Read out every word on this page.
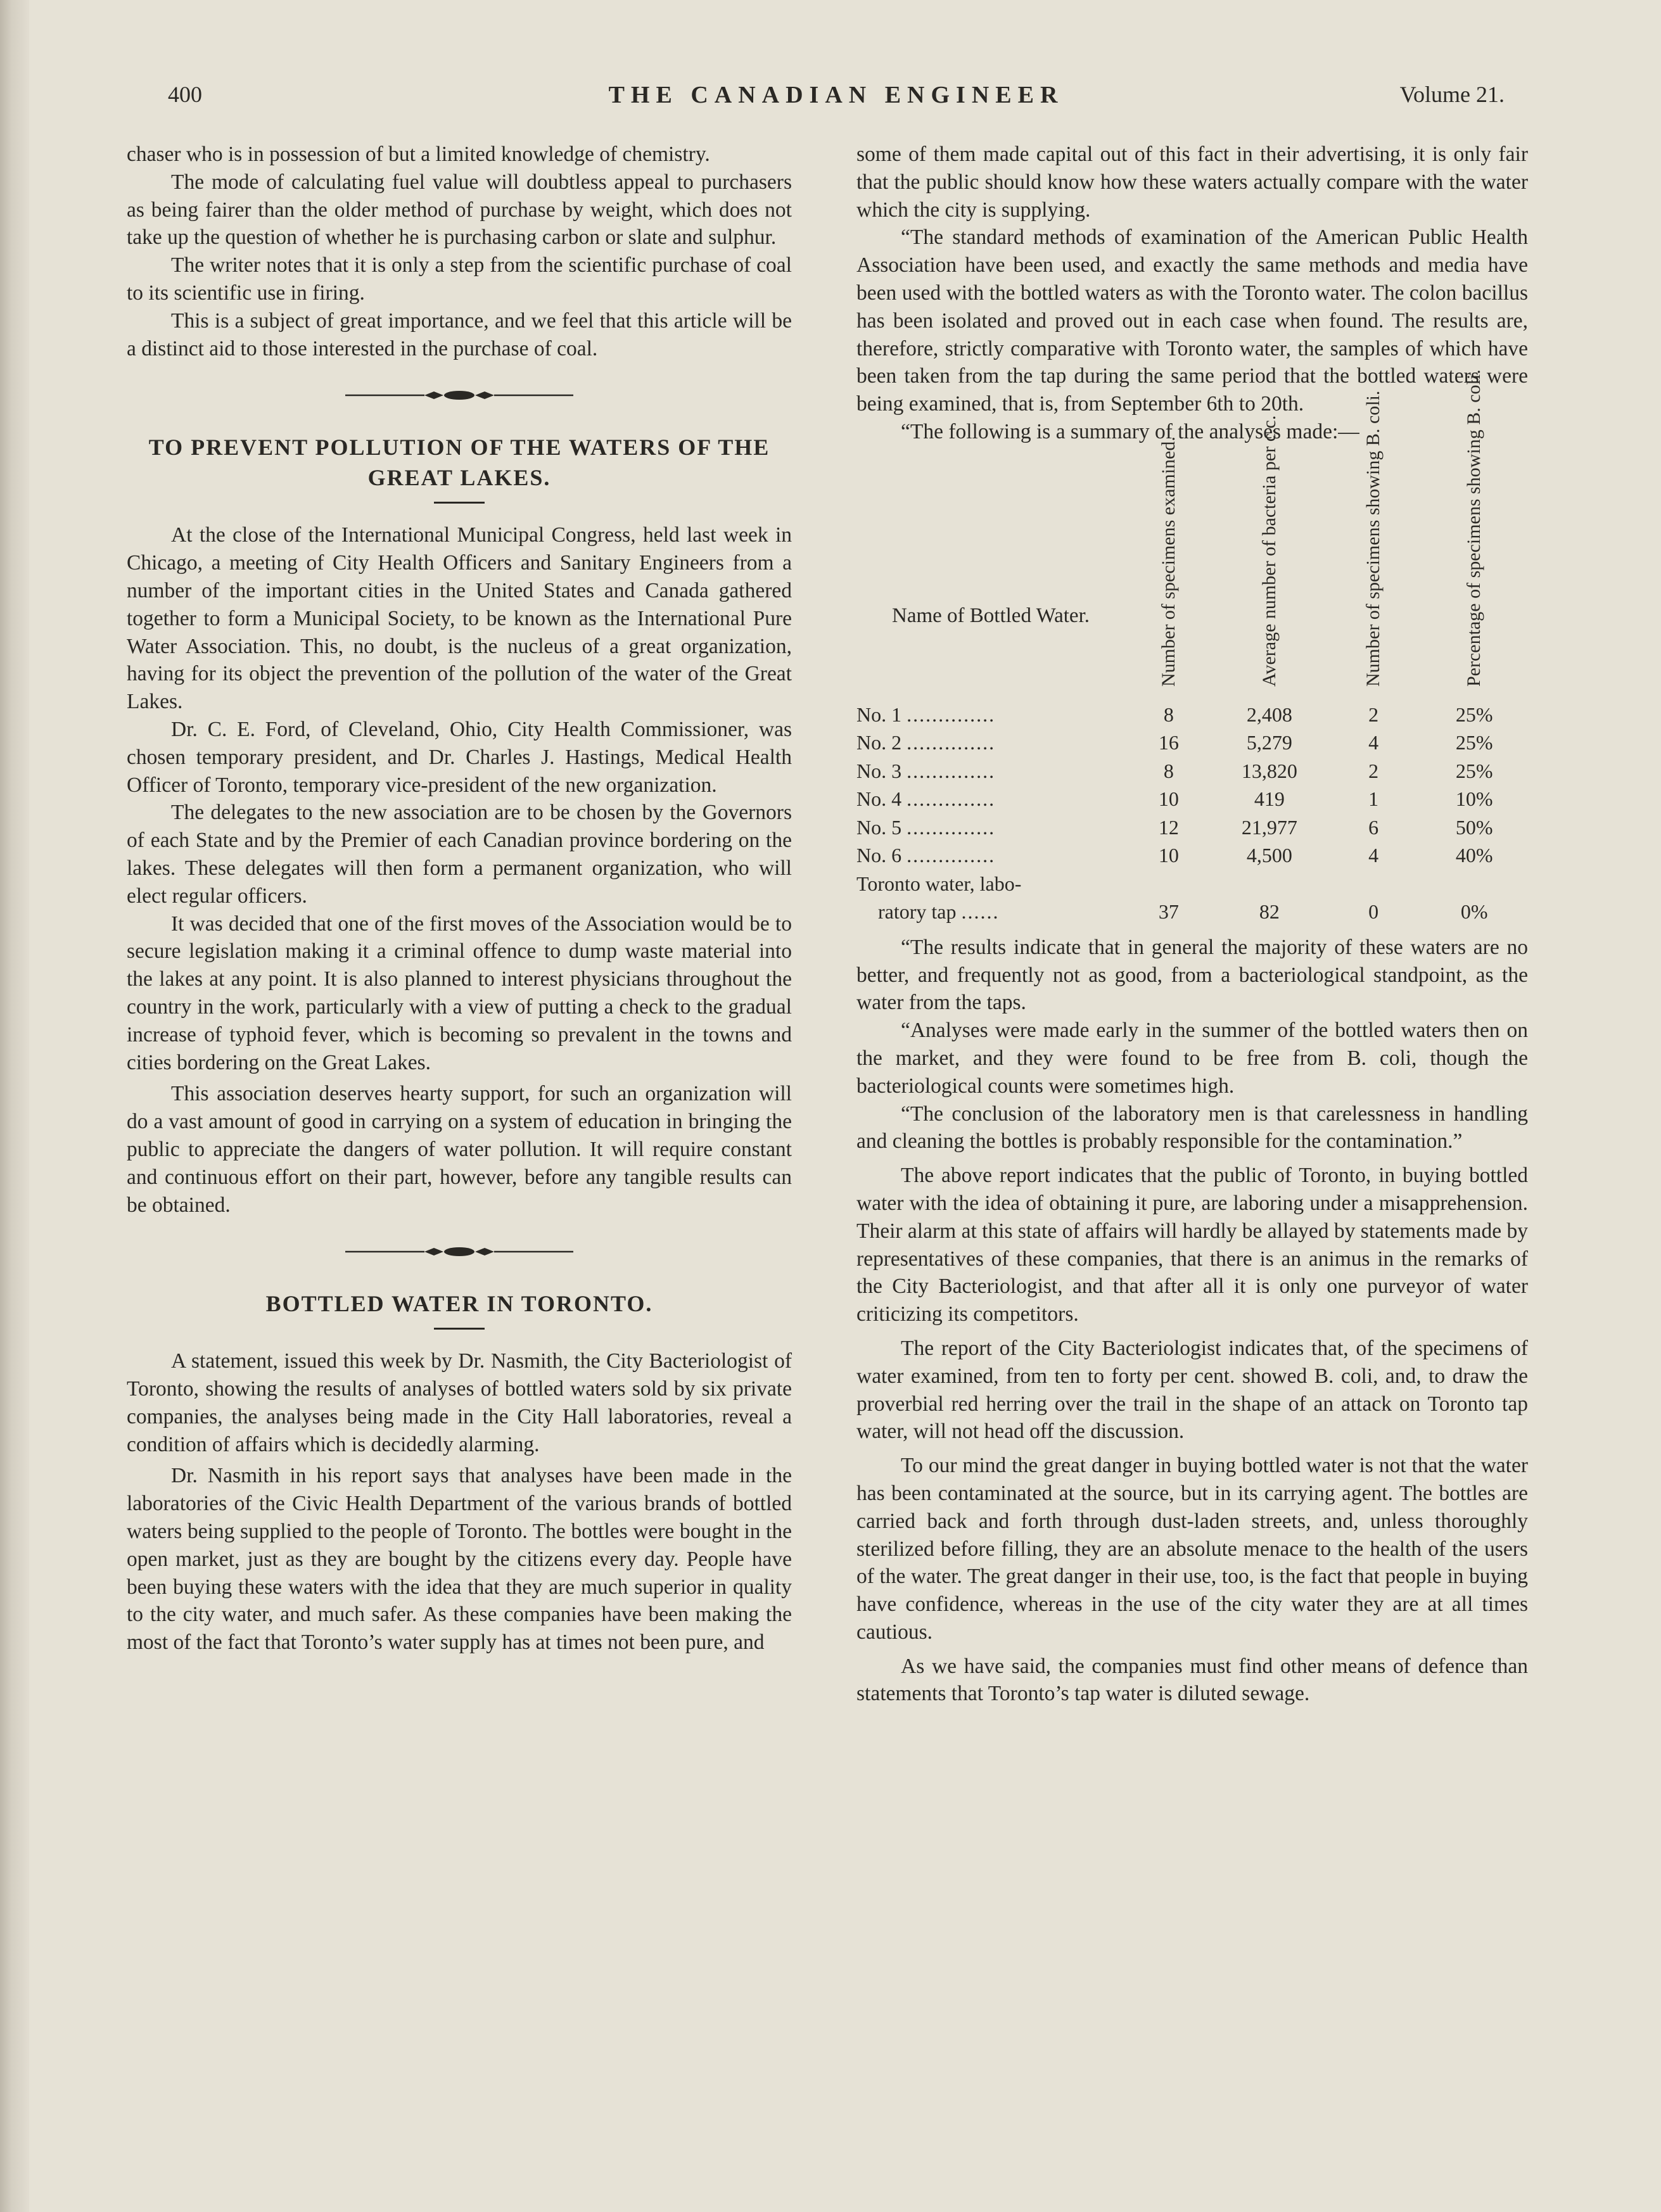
400	THE CANADIAN ENGINEER	Volume 21.

chaser who is in possession of but a limited knowledge of chemistry.

The mode of calculating fuel value will doubtless appeal to purchasers as being fairer than the older method of purchase by weight, which does not take up the question of whether he is purchasing carbon or slate and sulphur.

The writer notes that it is only a step from the scientific purchase of coal to its scientific use in firing.

This is a subject of great importance, and we feel that this article will be a distinct aid to those interested in the purchase of coal.

TO PREVENT POLLUTION OF THE WATERS OF THE GREAT LAKES.

At the close of the International Municipal Congress, held last week in Chicago, a meeting of City Health Officers and Sanitary Engineers from a number of the important cities in the United States and Canada gathered together to form a Municipal Society, to be known as the International Pure Water Association. This, no doubt, is the nucleus of a great organization, having for its object the prevention of the pollution of the water of the Great Lakes.

Dr. C. E. Ford, of Cleveland, Ohio, City Health Commissioner, was chosen temporary president, and Dr. Charles J. Hastings, Medical Health Officer of Toronto, temporary vice-president of the new organization.

The delegates to the new association are to be chosen by the Governors of each State and by the Premier of each Canadian province bordering on the lakes. These delegates will then form a permanent organization, who will elect regular officers.

It was decided that one of the first moves of the Association would be to secure legislation making it a criminal offence to dump waste material into the lakes at any point. It is also planned to interest physicians throughout the country in the work, particularly with a view of putting a check to the gradual increase of typhoid fever, which is becoming so prevalent in the towns and cities bordering on the Great Lakes.

This association deserves hearty support, for such an organization will do a vast amount of good in carrying on a system of education in bringing the public to appreciate the dangers of water pollution. It will require constant and continuous effort on their part, however, before any tangible results can be obtained.

BOTTLED WATER IN TORONTO.

A statement, issued this week by Dr. Nasmith, the City Bacteriologist of Toronto, showing the results of analyses of bottled waters sold by six private companies, the analyses being made in the City Hall laboratories, reveal a condition of affairs which is decidedly alarming.

Dr. Nasmith in his report says that analyses have been made in the laboratories of the Civic Health Department of the various brands of bottled waters being supplied to the people of Toronto. The bottles were bought in the open market, just as they are bought by the citizens every day. People have been buying these waters with the idea that they are much superior in quality to the city water, and much safer. As these companies have been making the most of the fact that Toronto’s water supply has at times not been pure, and

some of them made capital out of this fact in their advertising, it is only fair that the public should know how these waters actually compare with the water which the city is supplying.

“The standard methods of examination of the American Public Health Association have been used, and exactly the same methods and media have been used with the bottled waters as with the Toronto water. The colon bacillus has been isolated and proved out in each case when found. The results are, therefore, strictly comparative with Toronto water, the samples of which have been taken from the tap during the same period that the bottled waters were being examined, that is, from September 6th to 20th.

“The following is a summary of the analyses made:—

Name of Bottled Water.	Number of specimens examined.	Average number of bacteria per c.c.	Number of specimens showing B. coli.	Percentage of specimens showing B. coli.

No. 1 ..............	8	2,408	2	25%
No. 2 ..............	16	5,279	4	25%
No. 3 ..............	8	13,820	2	25%
No. 4 ..............	10	419	1	10%
No. 5 ..............	12	21,977	6	50%
No. 6 ..............	10	4,500	4	40%

Toronto water, labo-
ratory tap ......	37	82	0	0%

“The results indicate that in general the majority of these waters are no better, and frequently not as good, from a bacteriological standpoint, as the water from the taps.

“Analyses were made early in the summer of the bottled waters then on the market, and they were found to be free from B. coli, though the bacteriological counts were sometimes high.

“The conclusion of the laboratory men is that carelessness in handling and cleaning the bottles is probably responsible for the contamination.”

The above report indicates that the public of Toronto, in buying bottled water with the idea of obtaining it pure, are laboring under a misapprehension. Their alarm at this state of affairs will hardly be allayed by statements made by representatives of these companies, that there is an animus in the remarks of the City Bacteriologist, and that after all it is only one purveyor of water criticizing its competitors.

The report of the City Bacteriologist indicates that, of the specimens of water examined, from ten to forty per cent. showed B. coli, and, to draw the proverbial red herring over the trail in the shape of an attack on Toronto tap water, will not head off the discussion.

To our mind the great danger in buying bottled water is not that the water has been contaminated at the source, but in its carrying agent. The bottles are carried back and forth through dust-laden streets, and, unless thoroughly sterilized before filling, they are an absolute menace to the health of the users of the water. The great danger in their use, too, is the fact that people in buying have confidence, whereas in the use of the city water they are at all times cautious.

As we have said, the companies must find other means of defence than statements that Toronto’s tap water is diluted sewage.
